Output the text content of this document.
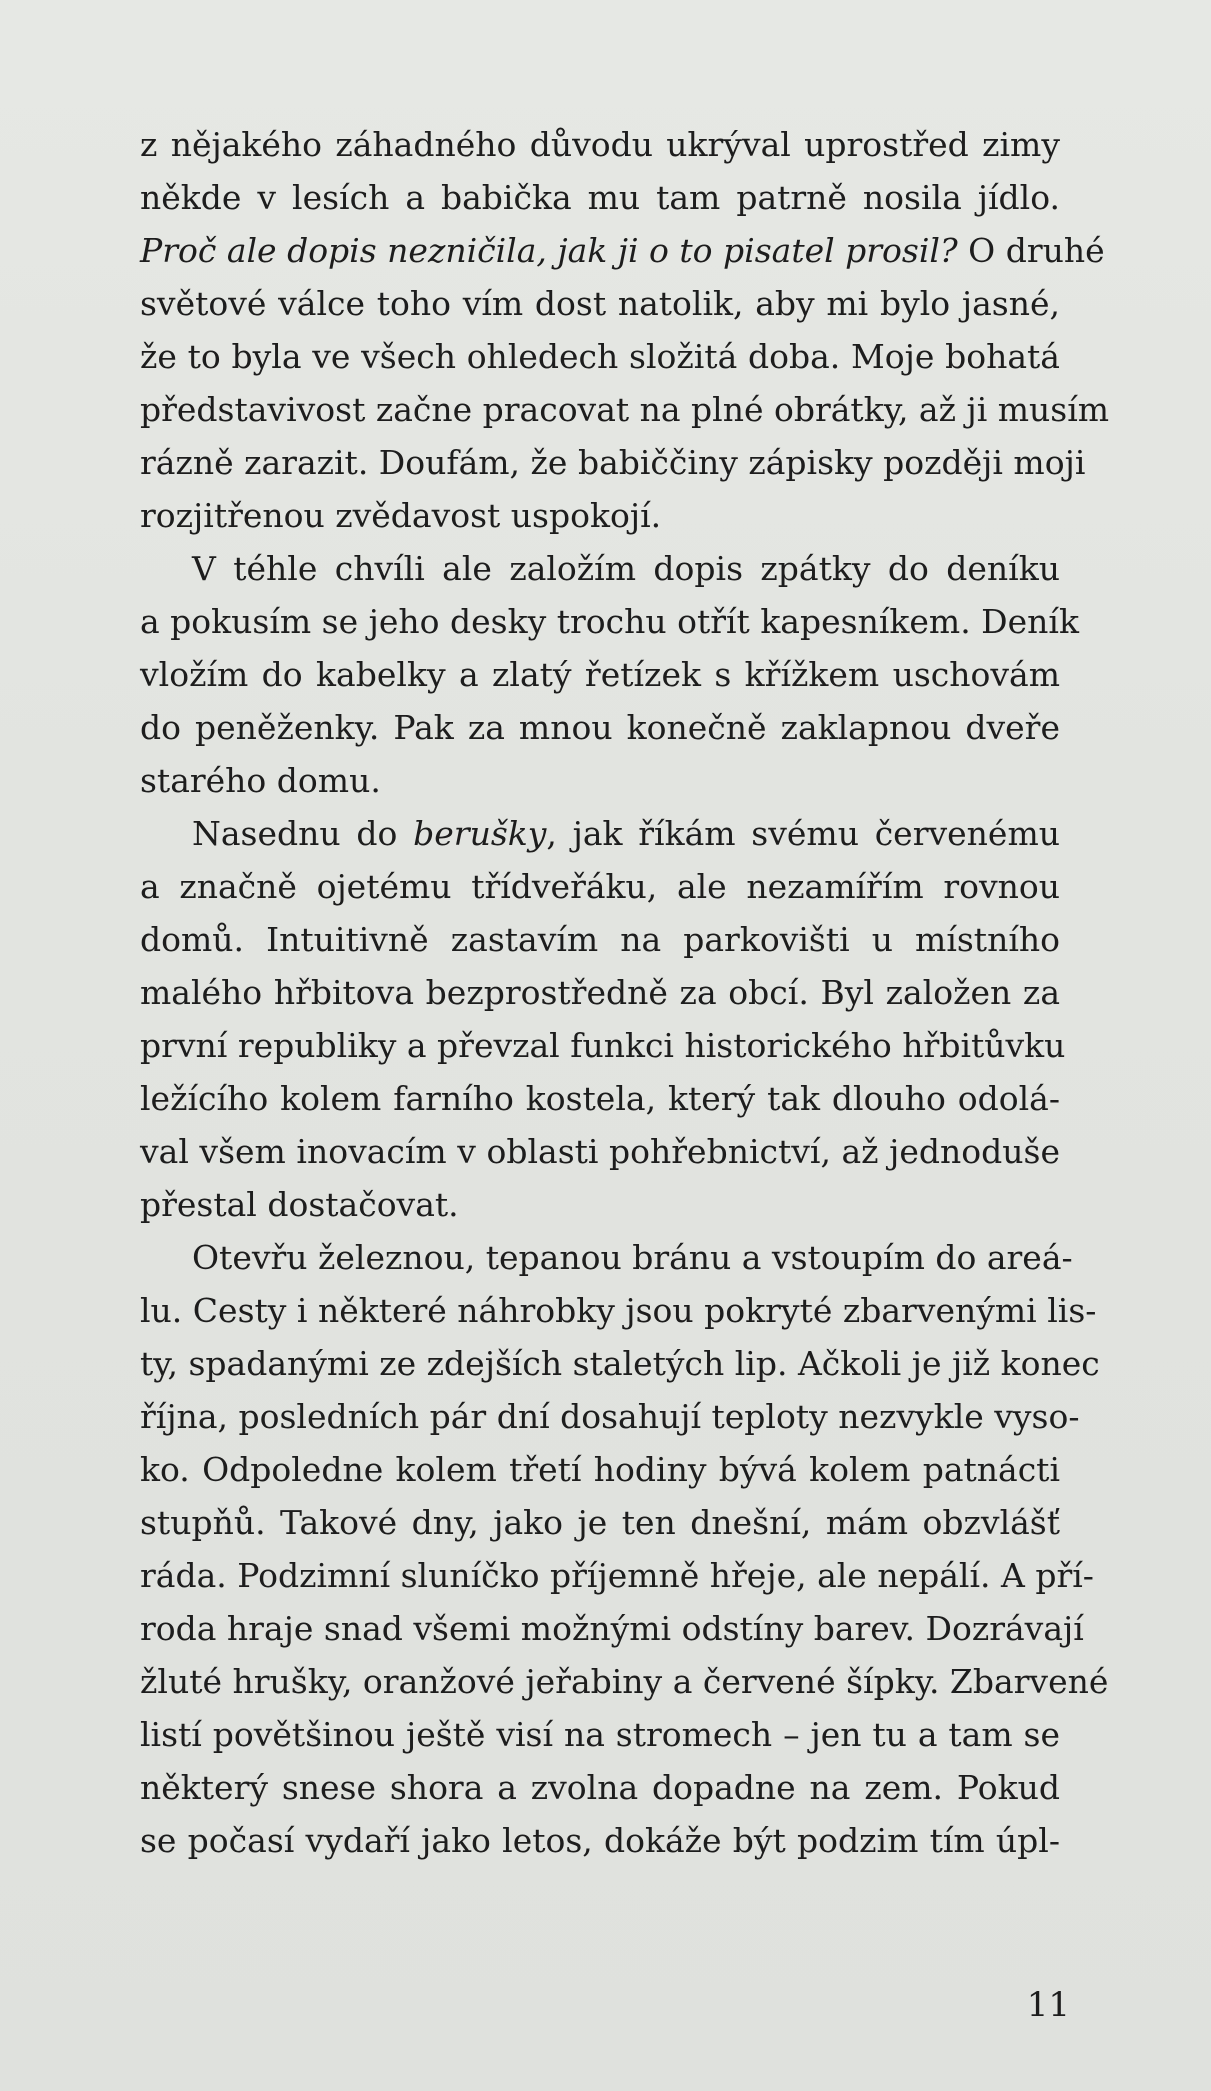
z nějakého záhadného důvodu ukrýval uprostřed zimy
někde v lesích a babička mu tam patrně nosila jídlo.
Proč ale dopis nezničila, jak ji o to pisatel prosil? O druhé
světové válce toho vím dost natolik, aby mi bylo jasné,
že to byla ve všech ohledech složitá doba. Moje bohatá
představivost začne pracovat na plné obrátky, až ji musím
rázně zarazit. Doufám, že babiččiny zápisky později moji
rozjitřenou zvědavost uspokojí.
V téhle chvíli ale založím dopis zpátky do deníku
a pokusím se jeho desky trochu otřít kapesníkem. Deník
vložím do kabelky a zlatý řetízek s křížkem uschovám
do peněženky. Pak za mnou konečně zaklapnou dveře
starého domu.
Nasednu do berušky, jak říkám svému červenému
a značně ojetému třídveřáku, ale nezamířím rovnou
domů. Intuitivně zastavím na parkovišti u místního
malého hřbitova bezprostředně za obcí. Byl založen za
první republiky a převzal funkci historického hřbitůvku
ležícího kolem farního kostela, který tak dlouho odolá-
val všem inovacím v oblasti pohřebnictví, až jednoduše
přestal dostačovat.
Otevřu železnou, tepanou bránu a vstoupím do areá-
lu. Cesty i některé náhrobky jsou pokryté zbarvenými lis-
ty, spadanými ze zdejších staletých lip. Ačkoli je již konec
října, posledních pár dní dosahují teploty nezvykle vyso-
ko. Odpoledne kolem třetí hodiny bývá kolem patnácti
stupňů. Takové dny, jako je ten dnešní, mám obzvlášť
ráda. Podzimní sluníčko příjemně hřeje, ale nepálí. A pří-
roda hraje snad všemi možnými odstíny barev. Dozrávají
žluté hrušky, oranžové jeřabiny a červené šípky. Zbarvené
listí povětšinou ještě visí na stromech – jen tu a tam se
některý snese shora a zvolna dopadne na zem. Pokud
se počasí vydaří jako letos, dokáže být podzim tím úpl-
11
